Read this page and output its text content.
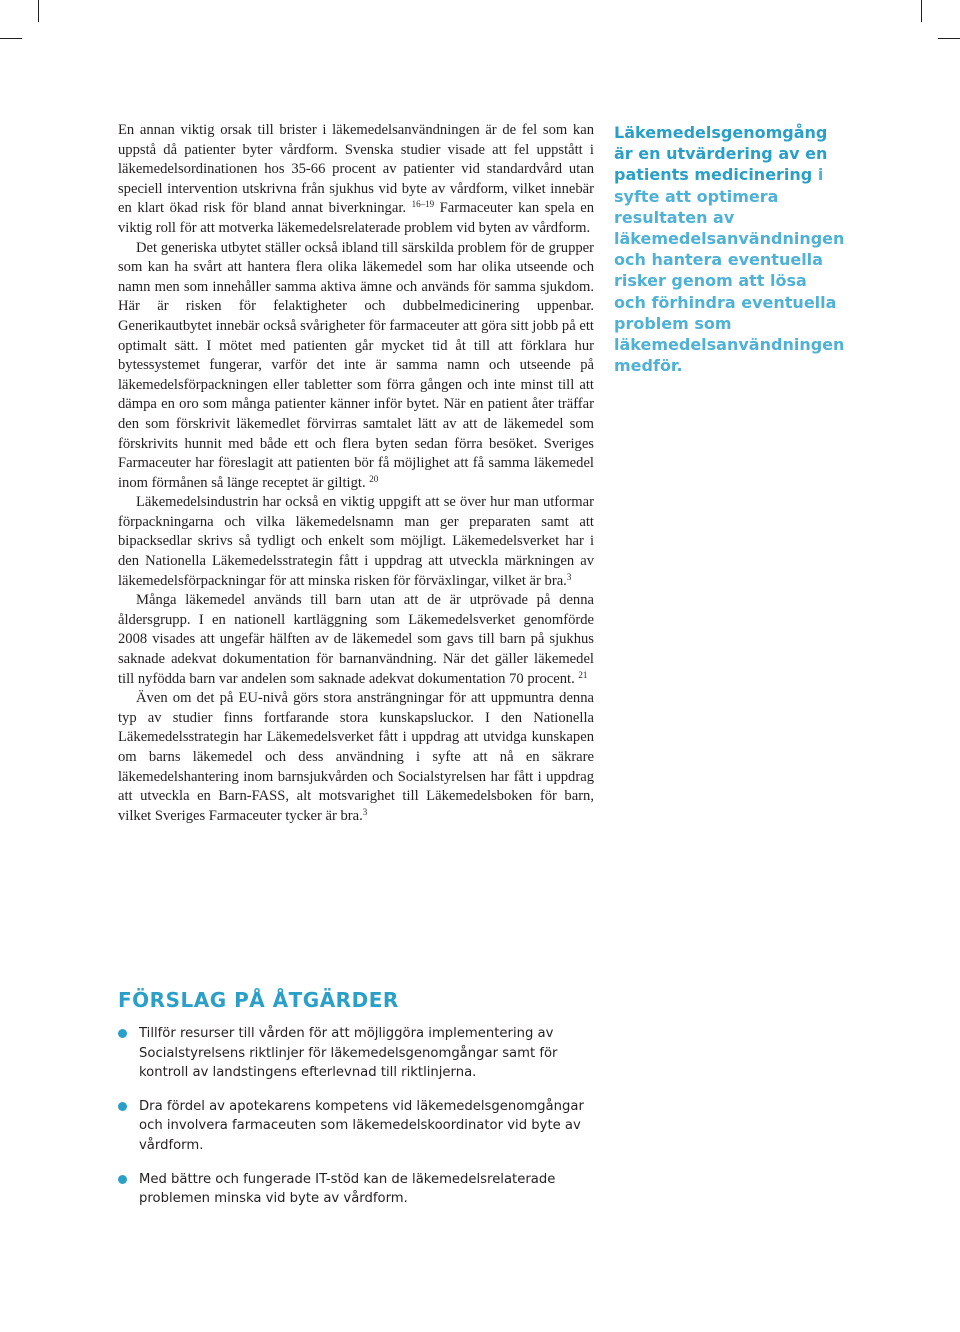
En annan viktig orsak till brister i läkemedelsanvändningen är de fel som kan uppstå då patienter byter vårdform. Svenska studier visade att fel uppstått i läkemedelsordinationen hos 35-66 procent av patienter vid standardvård utan speciell intervention utskrivna från sjukhus vid byte av vårdform, vilket innebär en klart ökad risk för bland annat biverkningar. $^{16-19}$ Farmaceuter kan spela en viktig roll för att motverka läkemedelsrelaterade problem vid byten av vårdform.

Det generiska utbytet ställer också ibland till särskilda problem för de grupper som kan ha svårt att hantera flera olika läkemedel som har olika utseende och namn men som innehåller samma aktiva ämne och används för samma sjukdom. Här är risken för felaktigheter och dubbelmedicinering uppenbar. Generikautbytet innebär också svårigheter för farmaceuter att göra sitt jobb på ett optimalt sätt. I mötet med patienten går mycket tid åt till att förklara hur bytessystemet fungerar, varför det inte är samma namn och utseende på läkemedelsförpackningen eller tabletter som förra gången och inte minst till att dämpa en oro som många patienter känner inför bytet. När en patient åter träffar den som förskrivit läkemedlet förvirras samtalet lätt av att de läkemedel som förskrivits hunnit med både ett och flera byten sedan förra besöket. Sveriges Farmaceuter har föreslagit att patienten bör få möjlighet att få samma läkemedel inom förmånen så länge receptet är giltigt. $^{20}$

Läkemedelsindustrin har också en viktig uppgift att se över hur man utformar förpackningarna och vilka läkemedelsnamn man ger preparaten samt att bipacksedlar skrivs så tydligt och enkelt som möjligt. Läkemedelsverket har i den Nationella Läkemedelsstrategin fått i uppdrag att utveckla märkningen av läkemedelsförpackningar för att minska risken för förväxlingar, vilket är bra.$^3$

Många läkemedel används till barn utan att de är utprövade på denna åldersgrupp. I en nationell kartläggning som Läkemedelsverket genomförde 2008 visades att ungefär hälften av de läkemedel som gavs till barn på sjukhus saknade adekvat dokumentation för barnanvändning. När det gäller läkemedel till nyfödda barn var andelen som saknade adekvat dokumentation 70 procent. $^{21}$

Även om det på EU-nivå görs stora ansträngningar för att uppmuntra denna typ av studier finns fortfarande stora kunskapsluckor. I den Nationella Läkemedelsstrategin har Läkemedelsverket fått i uppdrag att utvidga kunskapen om barns läkemedel och dess användning i syfte att nå en säkrare läkemedelshantering inom barnsjukvården och Socialstyrelsen har fått i uppdrag att utveckla en Barn-FASS, alt motsvarighet till Läkemedelsboken för barn, vilket Sveriges Farmaceuter tycker är bra.$^3$

Läkemedelsgenomgång är en utvärdering av en patients medicinering i syfte att optimera resultaten av läkemedelsanvändningen och hantera eventuella risker genom att lösa och förhindra eventuella problem som läkemedelsanvändningen medför.
FÖRSLAG PÅ ÅTGÄRDER
Tillför resurser till vården för att möjliggöra implementering av Socialstyrelsens riktlinjer för läkemedelsgenomgångar samt för kontroll av landstingens efterlevnad till riktlinjerna.
Dra fördel av apotekarens kompetens vid läkemedelsgenomgångar och involvera farmaceuten som läkemedelskoordinator vid byte av vårdform.
Med bättre och fungerade IT-stöd kan de läkemedelsrelaterade problemen minska vid byte av vårdform.
